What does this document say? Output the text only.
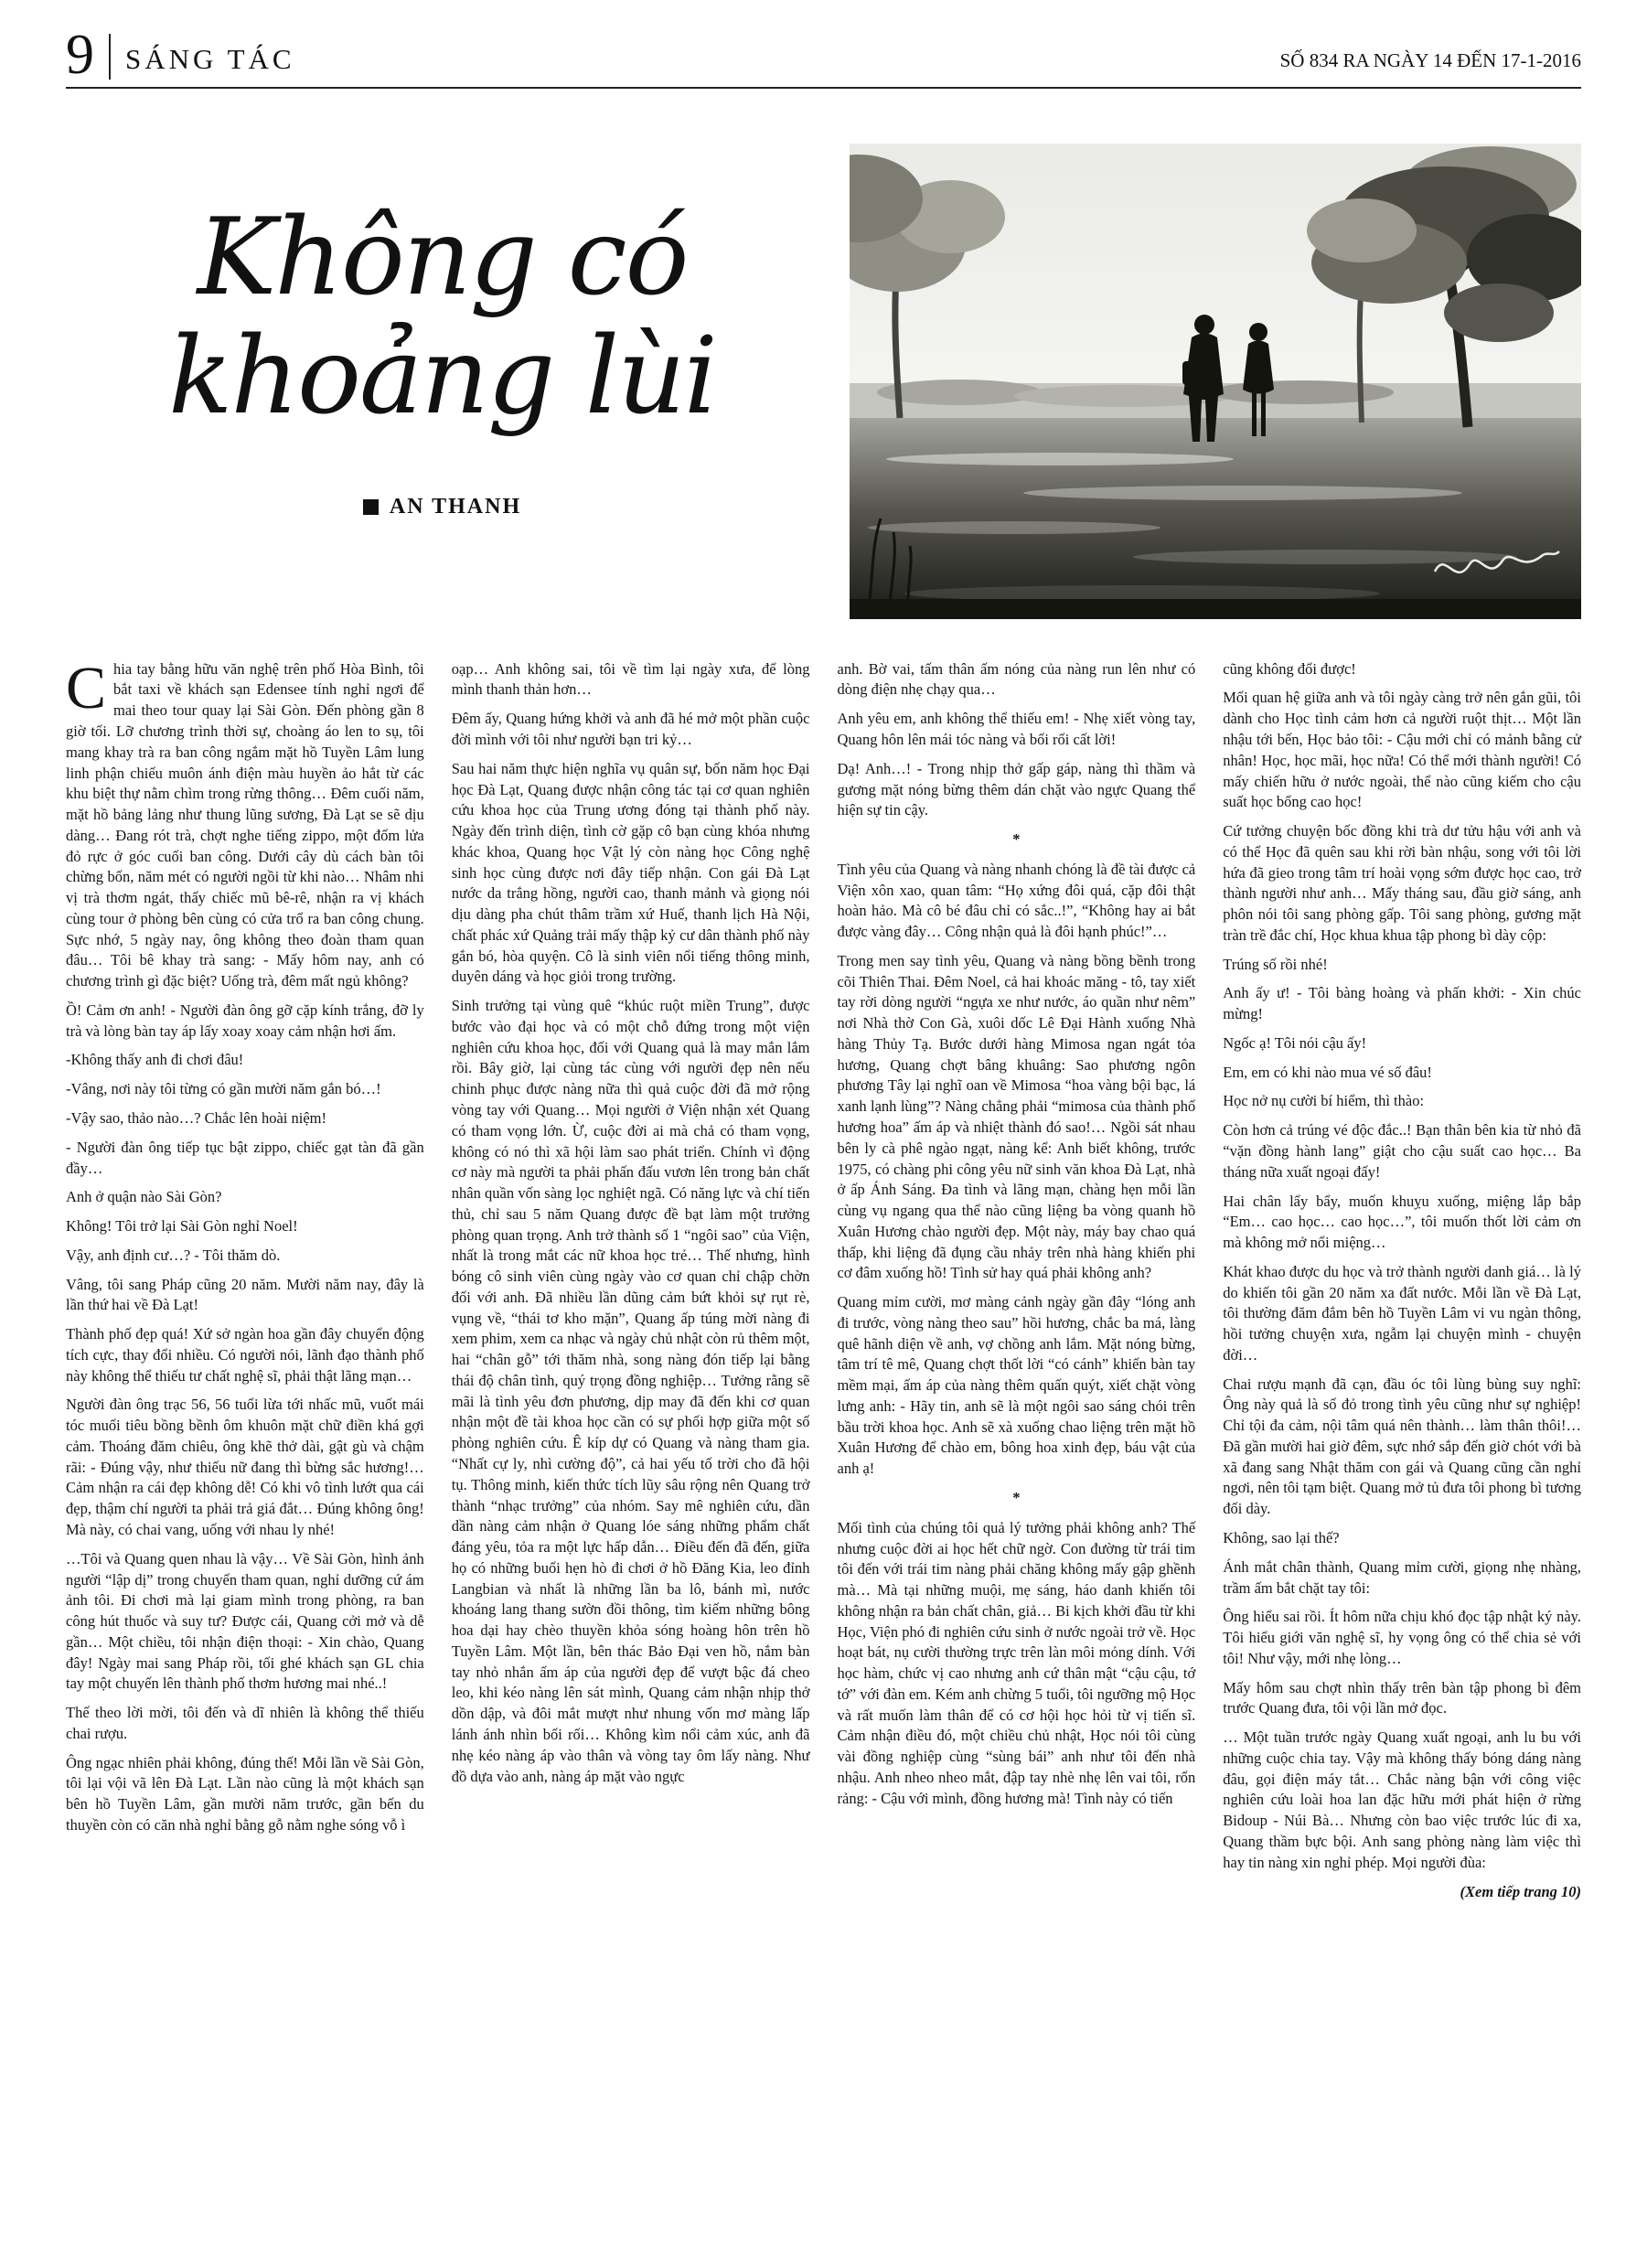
9 SÁNG TÁC	SỐ 834 RA NGÀY 14 ĐẾN 17-1-2016
Không có
khoảng lùi
AN THANH

Chia tay bằng hữu văn nghệ trên phố Hòa Bình, tôi bắt taxi về khách sạn Edensee tính nghỉ ngơi để mai theo tour quay lại Sài Gòn. Đến phòng gần 8 giờ tối. Lỡ chương trình thời sự, choàng áo len to sụ, tôi mang khay trà ra ban công ngắm mặt hồ Tuyền Lâm lung linh phận chiếu muôn ánh điện màu huyền ảo hắt từ các khu biệt thự nằm chìm trong rừng thông… Đêm cuối năm, mặt hồ bảng lảng như thung lũng sương, Đà Lạt se sẽ dịu dàng… Đang rót trà, chợt nghe tiếng zippo, một đốm lửa đỏ rực ở góc cuối ban công. Dưới cây dù cách bàn tôi chừng bốn, năm mét có người ngồi từ khi nào… Nhâm nhi vị trà thơm ngát, thấy chiếc mũ bê-rê, nhận ra vị khách cùng tour ở phòng bên cùng có cửa trổ ra ban công chung. Sực nhớ, 5 ngày nay, ông không theo đoàn tham quan đâu… Tôi bê khay trà sang: - Mấy hôm nay, anh có chương trình gì đặc biệt? Uống trà, đêm mất ngủ không?

Ồ! Cảm ơn anh! - Người đàn ông gỡ cặp kính trắng, đỡ ly trà và lòng bàn tay áp lấy xoay xoay cảm nhận hơi ấm.

-Không thấy anh đi chơi đâu!

-Vâng, nơi này tôi từng có gần mười năm gắn bó…!

-Vậy sao, thảo nào…? Chắc lên hoài niệm!

- Người đàn ông tiếp tục bật zippo, chiếc gạt tàn đã gần đầy…

Anh ở quận nào Sài Gòn?

Không! Tôi trở lại Sài Gòn nghỉ Noel!

Vậy, anh định cư…? - Tôi thăm dò.

Vâng, tôi sang Pháp cũng 20 năm. Mười năm nay, đây là lần thứ hai về Đà Lạt!

Thành phố đẹp quá! Xứ sở ngàn hoa gần đây chuyển động tích cực, thay đổi nhiều. Có người nói, lãnh đạo thành phố này không thể thiếu tư chất nghệ sĩ, phải thật lãng mạn…

Người đàn ông trạc 56, 56 tuổi lừa tới nhấc mũ, vuốt mái tóc muối tiêu bồng bềnh ôm khuôn mặt chữ điền khá gợi cảm. Thoáng đăm chiêu, ông khẽ thở dài, gật gù và chậm rãi: - Đúng vậy, như thiếu nữ đang thì bừng sắc hương!… Cảm nhận ra cái đẹp không dễ! Có khi vô tình lướt qua cái đẹp, thậm chí người ta phải trả giá đắt… Đúng không ông! Mà này, có chai vang, uống với nhau ly nhé!

…Tôi và Quang quen nhau là vậy… Về Sài Gòn, hình ảnh người “lập dị” trong chuyến tham quan, nghỉ dưỡng cứ ám ảnh tôi. Đi chơi mà lại giam mình trong phòng, ra ban công hút thuốc và suy tư? Được cái, Quang cởi mở và dễ gần… Một chiều, tôi nhận điện thoại: - Xin chào, Quang đây! Ngày mai sang Pháp rồi, tối ghé khách sạn GL chia tay một chuyến lên thành phố thơm hương mai nhé..!

Thế theo lời mời, tôi đến và dĩ nhiên là không thể thiếu chai rượu.

Ông ngạc nhiên phải không, đúng thế! Mỗi lần về Sài Gòn, tôi lại vội vã lên Đà Lạt. Lần nào cũng là một khách sạn bên hồ Tuyền Lâm, gần mười năm trước, gần bến du thuyền còn có căn nhà nghỉ bằng gỗ nằm nghe sóng vỗ ì

oạp… Anh không sai, tôi về tìm lại ngày xưa, để lòng mình thanh thản hơn…

Đêm ấy, Quang hứng khởi và anh đã hé mở một phần cuộc đời mình với tôi như người bạn tri kỷ…

Sau hai năm thực hiện nghĩa vụ quân sự, bốn năm học Đại học Đà Lạt, Quang được nhận công tác tại cơ quan nghiên cứu khoa học của Trung ương đóng tại thành phố này. Ngày đến trình diện, tình cờ gặp cô bạn cùng khóa nhưng khác khoa, Quang học Vật lý còn nàng học Công nghệ sinh học cùng được nơi đây tiếp nhận. Con gái Đà Lạt nước da trắng hồng, người cao, thanh mảnh và giọng nói dịu dàng pha chút thâm trầm xứ Huế, thanh lịch Hà Nội, chất phác xứ Quảng trải mấy thập kỷ cư dân thành phố này gắn bó, hòa quyện. Cô là sinh viên nổi tiếng thông minh, duyên dáng và học giỏi trong trường.

Sinh trưởng tại vùng quê “khúc ruột miền Trung”, được bước vào đại học và có một chỗ đứng trong một viện nghiên cứu khoa học, đối với Quang quả là may mắn lắm rồi. Bây giờ, lại cùng tác cùng với người đẹp nên nếu chinh phục được nàng nữa thì quả cuộc đời đã mở rộng vòng tay với Quang… Mọi người ở Viện nhận xét Quang có tham vọng lớn. Ừ, cuộc đời ai mà chả có tham vọng, không có nó thì xã hội làm sao phát triển. Chính vì động cơ này mà người ta phải phấn đấu vươn lên trong bản chất nhân quần vốn sàng lọc nghiệt ngã. Có năng lực và chí tiến thủ, chỉ sau 5 năm Quang được đề bạt làm một trưởng phòng quan trọng. Anh trở thành số 1 “ngôi sao” của Viện, nhất là trong mắt các nữ khoa học trẻ… Thế nhưng, hình bóng cô sinh viên cùng ngày vào cơ quan chỉ chập chờn đối với anh. Đã nhiều lần dũng cảm bứt khỏi sự rụt rè, vụng về, “thái tơ kho mặn”, Quang ấp túng mời nàng đi xem phim, xem ca nhạc và ngày chủ nhật còn rủ thêm một, hai “chân gỗ” tới thăm nhà, song nàng đón tiếp lại bằng thái độ chân tình, quý trọng đồng nghiệp… Tưởng rằng sẽ mãi là tình yêu đơn phương, dịp may đã đến khi cơ quan nhận một đề tài khoa học cần có sự phối hợp giữa một số phòng nghiên cứu. Ê kíp dự có Quang và nàng tham gia. “Nhất cự ly, nhì cường độ”, cả hai yếu tố trời cho đã hội tụ. Thông minh, kiến thức tích lũy sâu rộng nên Quang trở thành “nhạc trưởng” của nhóm. Say mê nghiên cứu, dần dần nàng cảm nhận ở Quang lóe sáng những phẩm chất đáng yêu, tỏa ra một lực hấp dẫn… Điều đến đã đến, giữa họ có những buổi hẹn hò đi chơi ở hồ Đăng Kia, leo đỉnh Langbian và nhất là những lần ba lô, bánh mì, nước khoáng lang thang sườn đồi thông, tìm kiếm những bông hoa dại hay chèo thuyền khỏa sóng hoàng hôn trên hồ Tuyền Lâm. Một lần, bên thác Bảo Đại ven hồ, nắm bàn tay nhỏ nhắn ấm áp của người đẹp để vượt bậc đá cheo leo, khi kéo nàng lên sát mình, Quang cảm nhận nhịp thở dồn dập, và đôi mắt mượt như nhung vốn mơ màng lấp lánh ánh nhìn bối rối… Không kìm nổi cảm xúc, anh đã nhẹ kéo nàng áp vào thân và vòng tay ôm lấy nàng. Như đồ dựa vào anh, nàng áp mặt vào ngực

anh. Bờ vai, tấm thân ấm nóng của nàng run lên như có dòng điện nhẹ chạy qua…

Anh yêu em, anh không thể thiếu em! - Nhẹ xiết vòng tay, Quang hôn lên mái tóc nàng và bối rối cất lời!

Dạ! Anh…! - Trong nhịp thở gấp gáp, nàng thì thầm và gương mặt nóng bừng thêm dán chặt vào ngực Quang thể hiện sự tin cậy.

*

Tình yêu của Quang và nàng nhanh chóng là đề tài được cả Viện xôn xao, quan tâm: “Họ xứng đôi quá, cặp đôi thật hoàn hảo. Mà cô bé đâu chỉ có sắc..!”, “Không hay ai bắt được vàng đây… Công nhận quả là đôi hạnh phúc!”…

Trong men say tình yêu, Quang và nàng bồng bềnh trong cõi Thiên Thai. Đêm Noel, cả hai khoác măng - tô, tay xiết tay rời dòng người “ngựa xe như nước, áo quần như nêm” nơi Nhà thờ Con Gà, xuôi dốc Lê Đại Hành xuống Nhà hàng Thủy Tạ. Bước dưới hàng Mimosa ngan ngát tỏa hương, Quang chợt bâng khuâng: Sao phương ngôn phương Tây lại nghĩ oan về Mimosa “hoa vàng bội bạc, lá xanh lạnh lùng”? Nàng chẳng phải “mimosa của thành phố hương hoa” ấm áp và nhiệt thành đó sao!… Ngồi sát nhau bên ly cà phê ngào ngạt, nàng kể: Anh biết không, trước 1975, có chàng phi công yêu nữ sinh văn khoa Đà Lạt, nhà ở ấp Ánh Sáng. Đa tình và lãng mạn, chàng hẹn mỗi lần cùng vụ ngang qua thể nào cũng liệng ba vòng quanh hồ Xuân Hương chào người đẹp. Một này, máy bay chao quá thấp, khi liệng đã đụng cầu nhảy trên nhà hàng khiến phi cơ đâm xuống hồ! Tình sử hay quá phải không anh?

Quang mỉm cười, mơ màng cảnh ngày gần đây “lóng anh đi trước, vòng nàng theo sau” hồi hương, chắc ba má, làng quê hãnh diện về anh, vợ chồng anh lắm. Mặt nóng bừng, tâm trí tê mê, Quang chợt thốt lời “có cánh” khiến bàn tay mềm mại, ấm áp của nàng thêm quấn quýt, xiết chặt vòng lưng anh: - Hãy tin, anh sẽ là một ngôi sao sáng chói trên bầu trời khoa học. Anh sẽ xà xuống chao liệng trên mặt hồ Xuân Hương để chào em, bông hoa xinh đẹp, báu vật của anh ạ!

*

Mối tình của chúng tôi quả lý tưởng phải không anh? Thế nhưng cuộc đời ai học hết chữ ngờ. Con đường từ trái tim tôi đến với trái tim nàng phải chăng không mấy gập ghềnh mà… Mà tại những muội, mẹ sáng, háo danh khiến tôi không nhận ra bản chất chân, giả… Bi kịch khởi đầu từ khi Học, Viện phó đi nghiên cứu sinh ở nước ngoài trở về. Học hoạt bát, nụ cười thường trực trên làn môi mỏng dính. Với học hàm, chức vị cao nhưng anh cứ thân mật “cậu cậu, tớ tớ” với đàn em. Kém anh chừng 5 tuổi, tôi ngưỡng mộ Học và rất muốn làm thân để có cơ hội học hỏi từ vị tiến sĩ. Cảm nhận điều đó, một chiều chủ nhật, Học nói tôi cùng vài đồng nghiệp cùng “sùng bái” anh như tôi đến nhà nhậu. Anh nheo nheo mắt, đập tay nhè nhẹ lên vai tôi, rổn rảng: - Cậu với mình, đồng hương mà! Tình này có tiến

cũng không đổi được!

Mối quan hệ giữa anh và tôi ngày càng trở nên gắn gũi, tôi dành cho Học tình cảm hơn cả người ruột thịt… Một lần nhậu tới bến, Học bảo tôi: - Cậu mới chỉ có mảnh bằng cử nhân! Học, học mãi, học nữa! Có thể mới thành người! Có mấy chiến hữu ở nước ngoài, thể nào cũng kiếm cho cậu suất học bổng cao học!

Cứ tưởng chuyện bốc đồng khi trà dư tửu hậu với anh và có thể Học đã quên sau khi rời bàn nhậu, song với tôi lời hứa đã gieo trong tâm trí hoài vọng sớm được học cao, trở thành người như anh… Mấy tháng sau, đầu giờ sáng, anh phôn nói tôi sang phòng gấp. Tôi sang phòng, gương mặt tràn trề đắc chí, Học khua khua tập phong bì dày cộp:

Trúng số rồi nhé!

Anh ấy ư! - Tôi bàng hoàng và phấn khởi: - Xin chúc mừng!

Ngốc ạ! Tôi nói cậu ấy!

Em, em có khi nào mua vé số đâu!

Học nở nụ cười bí hiểm, thì thào:

Còn hơn cả trúng vé độc đắc..! Bạn thân bên kia từ nhỏ đã “vặn đồng hành lang” giật cho cậu suất cao học… Ba tháng nữa xuất ngoại đấy!

Hai chân lẩy bẩy, muốn khuỵu xuống, miệng lắp bắp “Em… cao học… cao học…”, tôi muốn thốt lời cảm ơn mà không mở nổi miệng…

Khát khao được du học và trở thành người danh giá… là lý do khiến tôi gần 20 năm xa đất nước. Mỗi lần về Đà Lạt, tôi thường đăm đắm bên hồ Tuyền Lâm vi vu ngàn thông, hồi tưởng chuyện xưa, ngẫm lại chuyện mình - chuyện đời…

Chai rượu mạnh đã cạn, đầu óc tôi lùng bùng suy nghĩ: Ông này quả là số đỏ trong tình yêu cũng như sự nghiệp! Chỉ tội đa cảm, nội tâm quá nên thành… làm thân thôi!… Đã gần mười hai giờ đêm, sực nhớ sắp đến giờ chót với bà xã đang sang Nhật thăm con gái và Quang cũng cần nghỉ ngơi, nên tôi tạm biệt. Quang mở tủ đưa tôi phong bì tương đối dày.

Không, sao lại thế?

Ánh mắt chân thành, Quang mỉm cười, giọng nhẹ nhàng, trầm ấm bắt chặt tay tôi:

Ông hiểu sai rồi. Ít hôm nữa chịu khó đọc tập nhật ký này. Tôi hiểu giới văn nghệ sĩ, hy vọng ông có thể chia sẻ với tôi! Như vậy, mới nhẹ lòng…

Mấy hôm sau chợt nhìn thấy trên bàn tập phong bì đêm trước Quang đưa, tôi vội lần mở đọc.

… Một tuần trước ngày Quang xuất ngoại, anh lu bu với những cuộc chia tay. Vậy mà không thấy bóng dáng nàng đâu, gọi điện máy tắt… Chắc nàng bận với công việc nghiên cứu loài hoa lan đặc hữu mới phát hiện ở rừng Bidoup - Núi Bà… Nhưng còn bao việc trước lúc đi xa, Quang thầm bực bội. Anh sang phòng nàng làm việc thì hay tin nàng xin nghỉ phép. Mọi người đùa:

(Xem tiếp trang 10)
